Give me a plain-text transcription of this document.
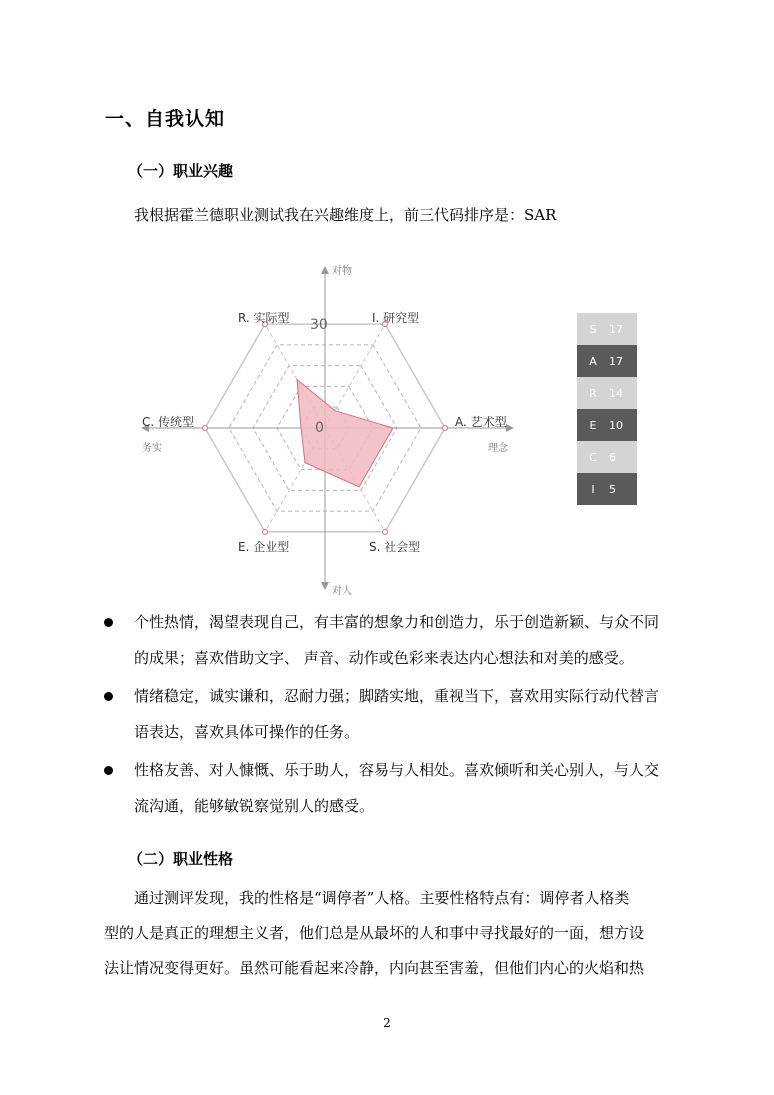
一、自我认知
（一）职业兴趣
我根据霍兰德职业测试我在兴趣维度上，前三代码排序是：SAR
对物
对人
务实	理念
30
0
I. 研究型
A. 艺术型
S. 社会型
E. 企业型
C. 传统型
R. 实际型
S	17
A	17
R	14
E	10
C	6
I	5
个性热情，渴望表现自己，有丰富的想象力和创造力，乐于创造新颖、与众不同
的成果；喜欢借助文字、 声音、动作或色彩来表达内心想法和对美的感受。
情绪稳定，诚实谦和，忍耐力强；脚踏实地，重视当下，喜欢用实际行动代替言
语表达，喜欢具体可操作的任务。
性格友善、对人慷慨、乐于助人，容易与人相处。喜欢倾听和关心别人，与人交
流沟通，能够敏锐察觉别人的感受。
（二）职业性格
通过测评发现，我的性格是“调停者”人格。主要性格特点有：调停者人格类
型的人是真正的理想主义者，他们总是从最坏的人和事中寻找最好的一面，想方设
法让情况变得更好。虽然可能看起来冷静，内向甚至害羞，但他们内心的火焰和热
2
